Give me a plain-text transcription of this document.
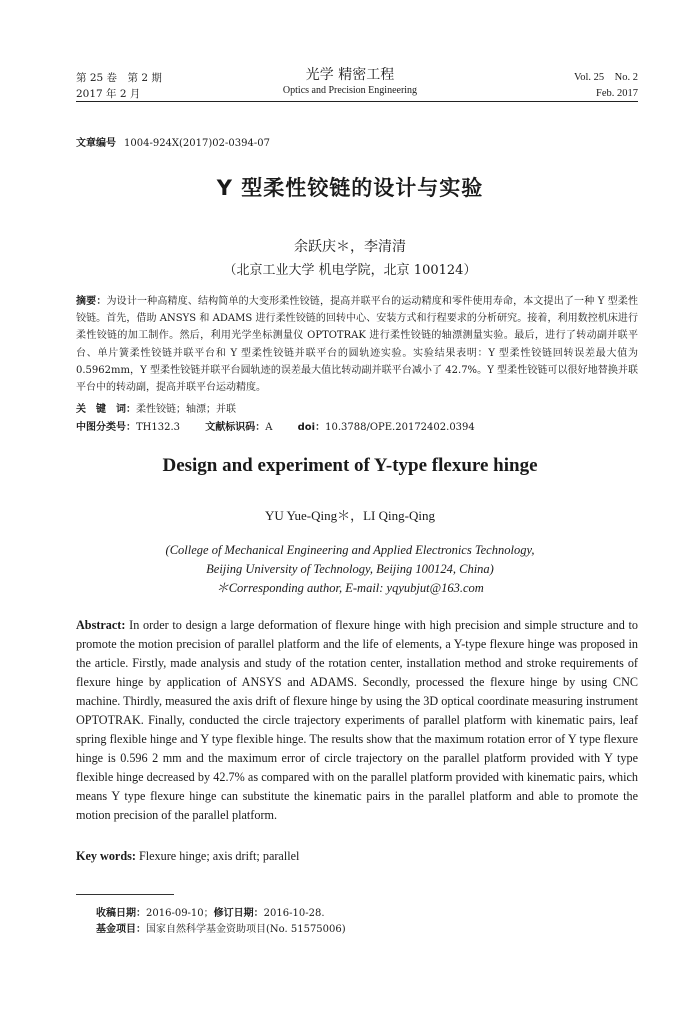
第 25 卷　第 2 期
2017 年 2 月
光学 精密工程
Optics and Precision Engineering
Vol. 25　No. 2
Feb. 2017
文章编号 1004-924X(2017)02-0394-07
Y 型柔性铰链的设计与实验
余跃庆＊，李清清
（北京工业大学 机电学院，北京 100124）
摘要：为设计一种高精度、结构简单的大变形柔性铰链，提高并联平台的运动精度和零件使用寿命，本文提出了一种 Y 型柔性铰链。首先，借助 ANSYS 和 ADAMS 进行柔性铰链的回转中心、安装方式和行程要求的分析研究。接着，利用数控机床进行柔性铰链的加工制作。然后，利用光学坐标测量仪 OPTOTRAK 进行柔性铰链的轴漂测量实验。最后，进行了转动副并联平台、单片簧柔性铰链并联平台和 Y 型柔性铰链并联平台的圆轨迹实验。实验结果表明：Y 型柔性铰链回转误差最大值为 0.5962mm，Y 型柔性铰链并联平台圆轨迹的误差最大值比转动副并联平台减小了 42.7%。Y 型柔性铰链可以很好地替换并联平台中的转动副，提高并联平台运动精度。
关　键　词：柔性铰链；轴漂；并联
中图分类号：TH132.3	文献标识码：A	doi：10.3788/OPE.20172402.0394
Design and experiment of Y-type flexure hinge
YU Yue-Qing＊，LI Qing-Qing
(College of Mechanical Engineering and Applied Electronics Technology,
Beijing University of Technology, Beijing 100124, China)
＊Corresponding author, E-mail: yqyubjut@163.com
Abstract: In order to design a large deformation of flexure hinge with high precision and simple structure and to promote the motion precision of parallel platform and the life of elements, a Y-type flexure hinge was proposed in the article. Firstly, made analysis and study of the rotation center, installation method and stroke requirements of flexure hinge by application of ANSYS and ADAMS. Secondly, processed the flexure hinge by using CNC machine. Thirdly, measured the axis drift of flexure hinge by using the 3D optical coordinate measuring instrument OPTOTRAK. Finally, conducted the circle trajectory experiments of parallel platform with kinematic pairs, leaf spring flexible hinge and Y type flexible hinge. The results show that the maximum rotation error of Y type flexure hinge is 0.596 2 mm and the maximum error of circle trajectory on the parallel platform provided with Y type flexible hinge decreased by 42.7% as compared with on the parallel platform provided with kinematic pairs, which means Y type flexure hinge can substitute the kinematic pairs in the parallel platform and able to promote the motion precision of the parallel platform.
Key words: Flexure hinge; axis drift; parallel
收稿日期：2016-09-10；修订日期：2016-10-28.
基金项目：国家自然科学基金资助项目(No. 51575006)
